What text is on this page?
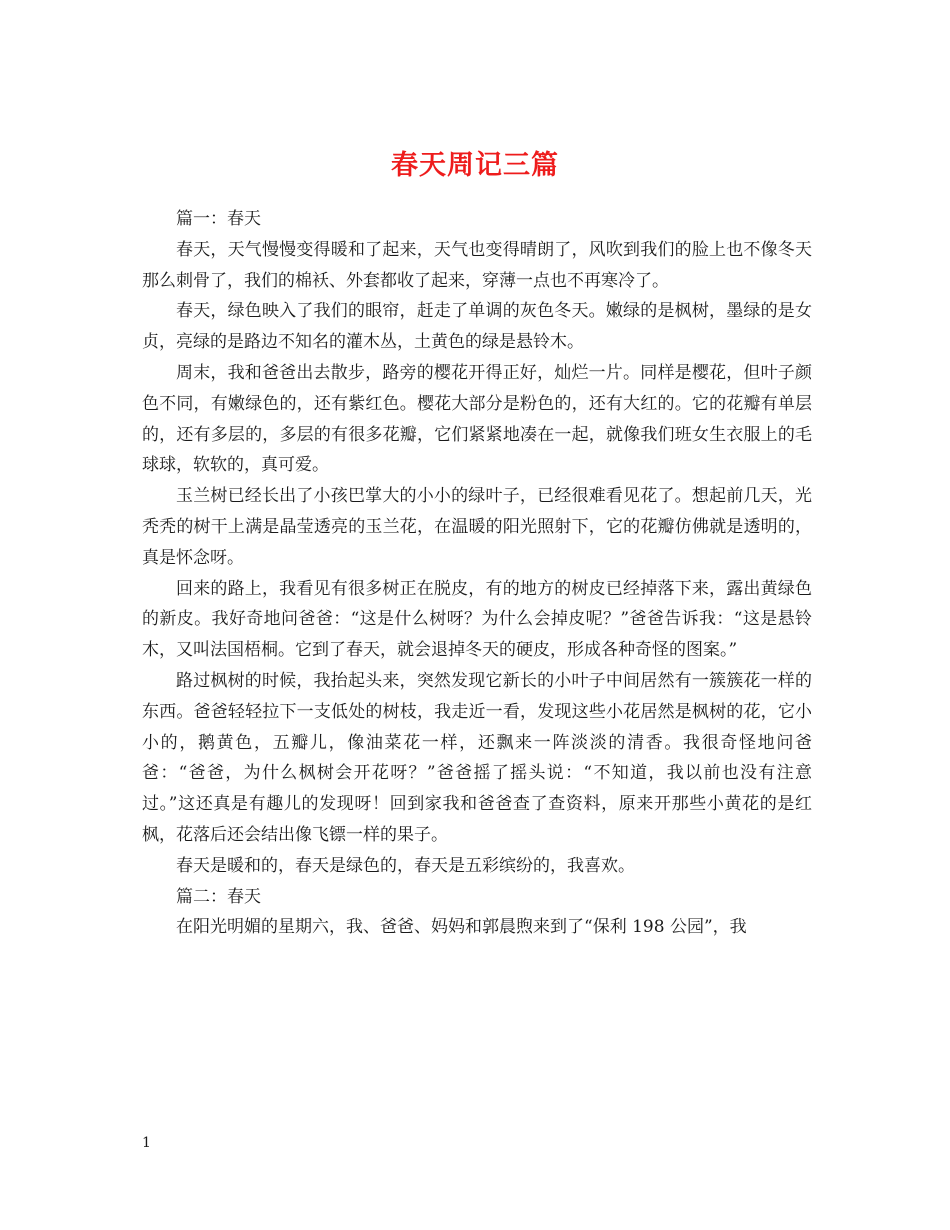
春天周记三篇

篇一：春天

春天，天气慢慢变得暖和了起来，天气也变得晴朗了，风吹到我们的脸上也不像冬天那么刺骨了，我们的棉袄、外套都收了起来，穿薄一点也不再寒冷了。

春天，绿色映入了我们的眼帘，赶走了单调的灰色冬天。嫩绿的是枫树，墨绿的是女贞，亮绿的是路边不知名的灌木丛，土黄色的绿是悬铃木。

周末，我和爸爸出去散步，路旁的樱花开得正好，灿烂一片。同样是樱花，但叶子颜色不同，有嫩绿色的，还有紫红色。樱花大部分是粉色的，还有大红的。它的花瓣有单层的，还有多层的，多层的有很多花瓣，它们紧紧地凑在一起，就像我们班女生衣服上的毛球球，软软的，真可爱。

玉兰树已经长出了小孩巴掌大的小小的绿叶子，已经很难看见花了。想起前几天，光秃秃的树干上满是晶莹透亮的玉兰花，在温暖的阳光照射下，它的花瓣仿佛就是透明的，真是怀念呀。

回来的路上，我看见有很多树正在脱皮，有的地方的树皮已经掉落下来，露出黄绿色的新皮。我好奇地问爸爸：“这是什么树呀？为什么会掉皮呢？”爸爸告诉我：“这是悬铃木，又叫法国梧桐。它到了春天，就会退掉冬天的硬皮，形成各种奇怪的图案。”

路过枫树的时候，我抬起头来，突然发现它新长的小叶子中间居然有一簇簇花一样的东西。爸爸轻轻拉下一支低处的树枝，我走近一看，发现这些小花居然是枫树的花，它小小的，鹅黄色，五瓣儿，像油菜花一样，还飘来一阵淡淡的清香。我很奇怪地问爸爸：“爸爸，为什么枫树会开花呀？”爸爸摇了摇头说：“不知道，我以前也没有注意过。”这还真是有趣儿的发现呀！回到家我和爸爸查了查资料，原来开那些小黄花的是红枫，花落后还会结出像飞镖一样的果子。

春天是暖和的，春天是绿色的，春天是五彩缤纷的，我喜欢。

篇二：春天

在阳光明媚的星期六，我、爸爸、妈妈和郭晨煦来到了“保利 198 公园”，我

1
